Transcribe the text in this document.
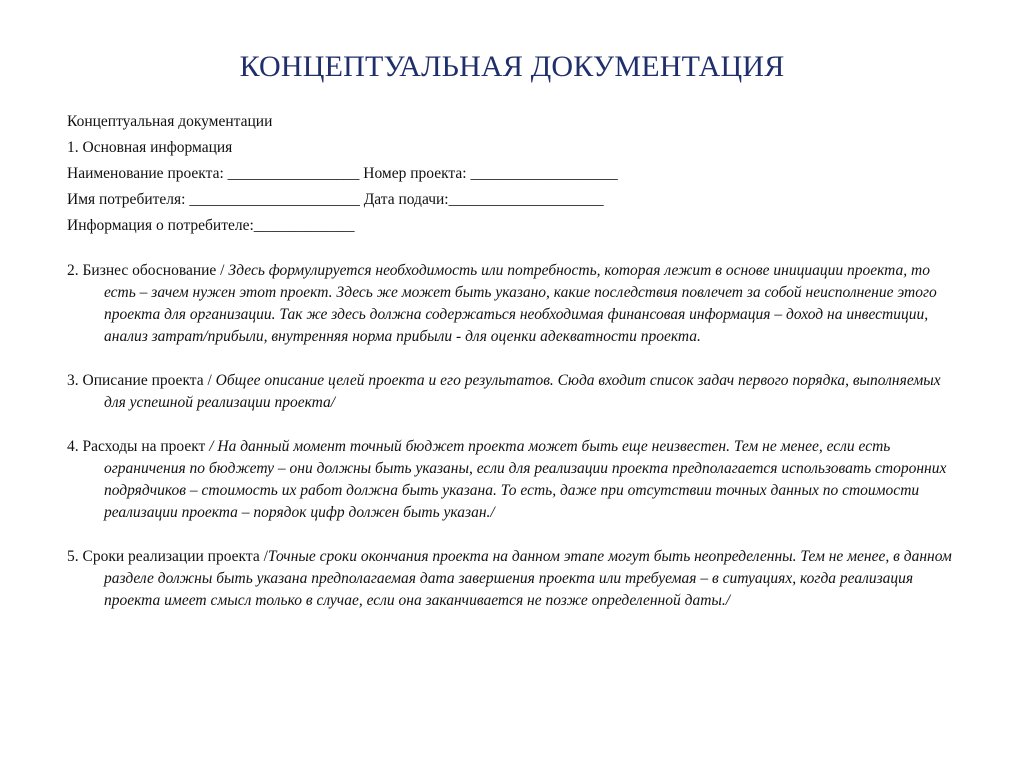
КОНЦЕПТУАЛЬНАЯ ДОКУМЕНТАЦИЯ

Концептуальная документации

1. Основная информация

Наименование проекта: _________________ Номер проекта: ___________________

Имя потребителя: ______________________ Дата подачи:____________________

Информация о потребителе:_____________

2. Бизнес обоснование / Здесь формулируется необходимость или потребность, которая лежит в основе инициации проекта, то есть – зачем нужен этот проект. Здесь же может быть указано, какие последствия повлечет за собой неисполнение этого проекта для организации. Так же здесь должна содержаться необходимая финансовая информация – доход на инвестиции, анализ затрат/прибыли, внутренняя норма прибыли - для оценки адекватности проекта.

3. Описание проекта / Общее описание целей проекта и его результатов. Сюда входит список задач первого порядка, выполняемых для успешной реализации проекта/

4. Расходы на проект / На данный момент точный бюджет проекта может быть еще неизвестен. Тем не менее, если есть ограничения по бюджету – они должны быть указаны, если для реализации проекта предполагается использовать сторонних подрядчиков – стоимость их работ должна быть указана. То есть, даже при отсутствии точных данных по стоимости реализации проекта – порядок цифр должен быть указан./

5. Сроки реализации проекта /Точные сроки окончания проекта на данном этапе могут быть неопределенны. Тем не менее, в данном разделе должны быть указана предполагаемая дата завершения проекта или требуемая – в ситуациях, когда реализация проекта имеет смысл только в случае, если она заканчивается не позже определенной даты./
